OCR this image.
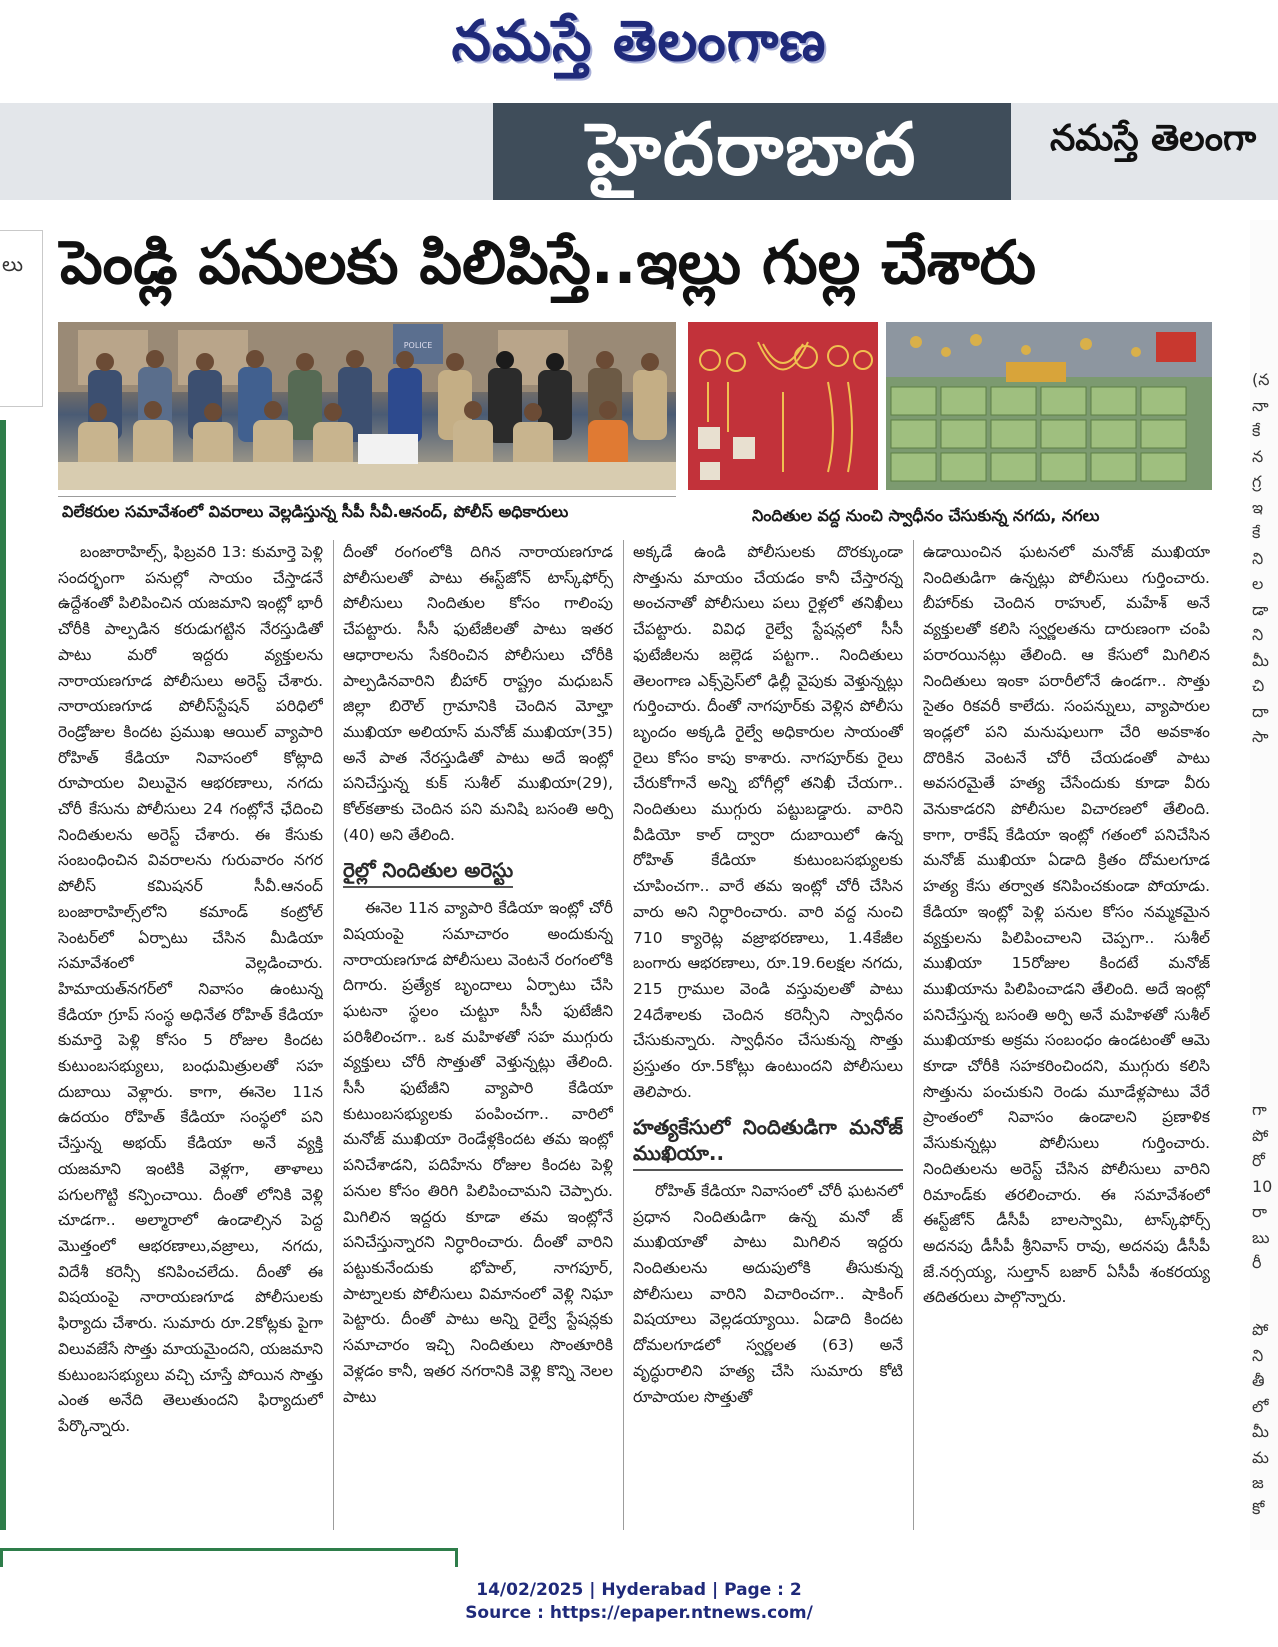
నమస్తే తెలంగాణ
హైదరాబాద	నమస్తే తెలంగా
లు పెండ్లి పనులకు పిలిపిస్తే..ఇల్లు గుల్ల చేశారు
POLICE
విలేకరుల సమావేశంలో వివరాలు వెల్లడిస్తున్న సీపీ సీవీ.ఆనంద్, పోలీస్ అధికారులు	నిందితుల వద్ద నుంచి స్వాధీనం చేసుకున్న నగదు, నగలు
బంజారాహిల్స్, ఫిబ్రవరి 13: కుమార్తె పెళ్లి సందర్భంగా పనుల్లో సాయం చేస్తాడనే ఉద్దేశంతో పిలిపించిన యజమాని ఇంట్లో భారీ చోరీకి పాల్పడిన కరుడుగట్టిన నేరస్తుడితో పాటు మరో ఇద్దరు వ్యక్తులను నారాయణగూడ పోలీసులు అరెస్ట్ చేశారు. నారాయణగూడ పోలీస్‌స్టేషన్ పరిధిలో రెండ్రోజుల కిందట ప్రముఖ ఆయిల్ వ్యాపారి రోహిత్ కేడియా నివాసంలో కోట్లాది రూపాయల విలువైన ఆభరణాలు, నగదు చోరీ కేసును పోలీసులు 24 గంట్లోనే ఛేదించి నిందితులను అరెస్ట్ చేశారు. ఈ కేసుకు సంబంధించిన వివరాలను గురువారం నగర పోలీస్ కమిషనర్ సీవీ.ఆనంద్ బంజారాహిల్స్‌లోని కమాండ్ కంట్రోల్ సెంటర్‌లో ఏర్పాటు చేసిన మీడియా సమావేశంలో వెల్లడించారు. హిమాయత్‌నగర్‌లో నివాసం ఉంటున్న కేడియా గ్రూప్ సంస్థ అధినేత రోహిత్ కేడియా కుమార్తె పెళ్లి కోసం 5 రోజుల కిందట కుటుంబసభ్యులు, బంధుమిత్రులతో సహ దుబాయి వెళ్లారు. కాగా, ఈనెల 11న ఉదయం రోహిత్ కేడియా సంస్థలో పని చేస్తున్న అభయ్ కేడియా అనే వ్యక్తి యజమాని ఇంటికి వెళ్లగా, తాళాలు పగులగొట్టి కన్పించాయి. దీంతో లోనికి వెళ్లి చూడగా.. అల్మారాలో ఉండాల్సిన పెద్ద మొత్తంలో ఆభరణాలు,వజ్రాలు, నగదు, విదేశీ కరెన్సీ కనిపించలేదు. దీంతో ఈ విషయంపై నారాయణగూడ పోలీసులకు ఫిర్యాదు చేశారు. సుమారు రూ.2కోట్లకు పైగా విలువజేసే సొత్తు మాయమైందని, యజమాని కుటుంబసభ్యులు వచ్చి చూస్తే పోయిన సొత్తు ఎంత అనేది తెలుతుందని ఫిర్యాదులో పేర్కొన్నారు.
దీంతో రంగంలోకి దిగిన నారాయణగూడ పోలీసులతో పాటు ఈస్ట్‌జోన్ టాస్క్‌ఫోర్స్ పోలీసులు నిందితుల కోసం గాలింపు చేపట్టారు. సీసీ ఫుటేజీలతో పాటు ఇతర ఆధారాలను సేకరించిన పోలీసులు చోరీకి పాల్పడినవారిని బీహార్ రాష్ట్రం మధుబన్ జిల్లా బిరౌల్ గ్రామానికి చెందిన మోల్హా ముఖియా అలియాస్ మనోజ్ ముఖియా(35) అనే పాత నేరస్తుడితో పాటు అదే ఇంట్లో పనిచేస్తున్న కుక్ సుశీల్ ముఖియా(29), కోల్‌కతాకు చెందిన పని మనిషి బసంతి అర్పి (40) అని తేలింది.
రైల్లో నిందితుల అరెస్టు
ఈనెల 11న వ్యాపారి కేడియా ఇంట్లో చోరీ విషయంపై సమాచారం అందుకున్న నారాయణగూడ పోలీసులు వెంటనే రంగంలోకి దిగారు. ప్రత్యేక బృందాలు ఏర్పాటు చేసి ఘటనా స్థలం చుట్టూ సీసీ ఫుటేజీని పరిశీలించగా.. ఒక మహిళతో సహ ముగ్గురు వ్యక్తులు చోరీ సొత్తుతో వెళ్తున్నట్లు తేలింది. సీసీ ఫుటేజీని వ్యాపారి కేడియా కుటుంబసభ్యులకు పంపించగా.. వారిలో మనోజ్ ముఖియా రెండేళ్లకిందట తమ ఇంట్లో పనిచేశాడని, పదిహేను రోజుల కిందట పెళ్లి పనుల కోసం తిరిగి పిలిపించామని చెప్పారు. మిగిలిన ఇద్దరు కూడా తమ ఇంట్లోనే పనిచేస్తున్నారని నిర్ధారించారు. దీంతో వారిని పట్టుకునేందుకు భోపాల్, నాగపూర్, పాట్నాలకు పోలీసులు విమానంలో వెళ్లి నిఘా పెట్టారు. దీంతో పాటు అన్ని రైల్వే స్టేషన్లకు సమాచారం ఇచ్చి నిందితులు సొంతూరికి వెళ్లడం కానీ, ఇతర నగరానికి వెళ్లి కొన్ని నెలల పాటు
అక్కడే ఉండి పోలీసులకు దొరక్కుండా సొత్తును మాయం చేయడం కానీ చేస్తారన్న అంచనాతో పోలీసులు పలు రైళ్లలో తనిఖీలు చేపట్టారు. వివిధ రైల్వే స్టేషన్లలో సీసీ ఫుటేజీలను జల్లెడ పట్టగా.. నిందితులు తెలంగాణ ఎక్స్‌ప్రెస్‌లో ఢిల్లీ వైపుకు వెళ్తున్నట్లు గుర్తించారు. దీంతో నాగపూర్‌కు వెళ్లిన పోలీసు బృందం అక్కడి రైల్వే అధికారుల సాయంతో రైలు కోసం కాపు కాశారు. నాగపూర్‌కు రైలు చేరుకోగానే అన్ని బోగీల్లో తనిఖీ చేయగా.. నిందితులు ముగ్గురు పట్టుబడ్డారు. వారిని వీడియో కాల్ ద్వారా దుబాయిలో ఉన్న రోహిత్ కేడియా కుటుంబసభ్యులకు చూపించగా.. వారే తమ ఇంట్లో చోరీ చేసిన వారు అని నిర్ధారించారు. వారి వద్ద నుంచి 710 క్యారెట్ల వజ్రాభరణాలు, 1.4కేజీల బంగారు ఆభరణాలు, రూ.19.6లక్షల నగదు, 215 గ్రాముల వెండి వస్తువులతో పాటు 24దేశాలకు చెందిన కరెన్సీని స్వాధీనం చేసుకున్నారు. స్వాధీనం చేసుకున్న సొత్తు ప్రస్తుతం రూ.5కోట్లు ఉంటుందని పోలీసులు తెలిపారు.
హత్యకేసులో నిందితుడిగా మనోజ్ ముఖియా..
రోహిత్ కేడియా నివాసంలో చోరీ ఘటనలో ప్రధాన నిందితుడిగా ఉన్న మనో జ్ ముఖియాతో పాటు మిగిలిన ఇద్దరు నిందితులను అదుపులోకి తీసుకున్న పోలీసులు వారిని విచారించగా.. షాకింగ్ విషయాలు వెల్లడయ్యాయి. ఏడాది కిందట దోమలగూడలో స్వర్ణలత (63) అనే వృద్ధురాలిని హత్య చేసి సుమారు కోటి రూపాయల సొత్తుతో
ఉడాయించిన ఘటనలో మనోజ్ ముఖియా నిందితుడిగా ఉన్నట్లు పోలీసులు గుర్తించారు. బీహార్‌కు చెందిన రాహుల్, మహేశ్ అనే వ్యక్తులతో కలిసి స్వర్ణలతను దారుణంగా చంపి పరారయినట్లు తేలింది. ఆ కేసులో మిగిలిన నిందితులు ఇంకా పరారీలోనే ఉండగా.. సొత్తు సైతం రికవరీ కాలేదు. సంపన్నులు, వ్యాపారుల ఇండ్లలో పని మనుషులుగా చేరి అవకాశం దొరికిన వెంటనే చోరీ చేయడంతో పాటు అవసరమైతే హత్య చేసేందుకు కూడా వీరు వెనుకాడరని పోలీసుల విచారణలో తేలింది. కాగా, రాకేష్ కేడియా ఇంట్లో గతంలో పనిచేసిన మనోజ్ ముఖియా ఏడాది క్రితం దోమలగూడ హత్య కేసు తర్వాత కనిపించకుండా పోయాడు. కేడియా ఇంట్లో పెళ్లి పనుల కోసం నమ్మకమైన వ్యక్తులను పిలిపించాలని చెప్పగా.. సుశీల్ ముఖియా 15రోజుల కిందటే మనోజ్ ముఖియాను పిలిపించాడని తేలింది. అదే ఇంట్లో పనిచేస్తున్న బసంతి అర్పి అనే మహిళతో సుశీల్ ముఖియాకు అక్రమ సంబంధం ఉండటంతో ఆమె కూడా చోరీకి సహకరించిందని, ముగ్గురు కలిసి సొత్తును పంచుకుని రెండు మూడేళ్లపాటు వేరే ప్రాంతంలో నివాసం ఉండాలని ప్రణాళిక వేసుకున్నట్లు పోలీసులు గుర్తించారు. నిందితులను అరెస్ట్ చేసిన పోలీసులు వారిని రిమాండ్‌కు తరలించారు. ఈ సమావేశంలో ఈస్ట్‌జోన్ డీసీపీ బాలస్వామి, టాస్క్‌ఫోర్స్ అదనపు డీసీపీ శ్రీనివాస్ రావు, అదనపు డీసీపీ జే.నర్సయ్య, సుల్తాన్ బజార్ ఏసీపీ శంకరయ్య తదితరులు పాల్గొన్నారు.
(న
నా
కే
న
గ్ర
ఇ
కే
ని
ల
డా
ని
మీ
చి
దా
సా
గా
పో
రో
10
రా
బు
రీ
పో
ని
తీ
లో
మీ
మ
జ
కో
14/02/2025 | Hyderabad | Page : 2
Source : https://epaper.ntnews.com/
